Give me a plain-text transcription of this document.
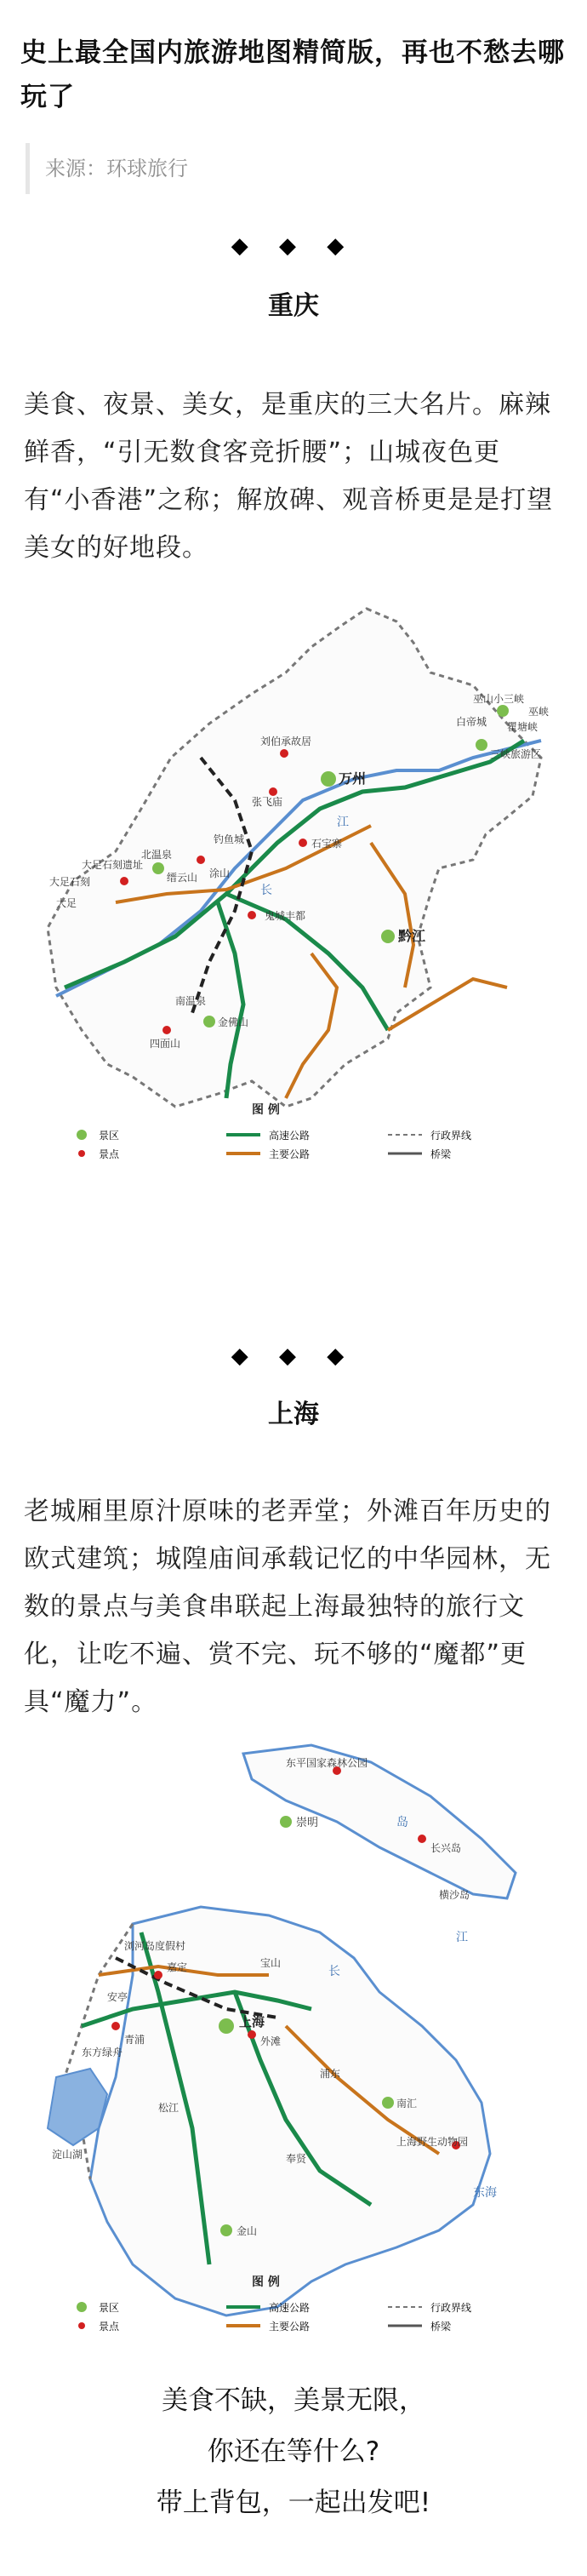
史上最全国内旅游地图精简版，再也不愁去哪玩了
来源：环球旅行
◆ ◆ ◆
重庆
美食、夜景、美女，是重庆的三大名片。麻辣鲜香，“引无数食客竞折腰”；山城夜色更有“小香港”之称；解放碑、观音桥更是是打望美女的好地段。
巫山小三峡
巫峡
白帝城 瞿塘峡
三峡旅游区
刘伯承故居
万州
张飞庙
江
大足石刻
大足石刻遗址
钓鱼城
缙云山
北温泉
涂山
鬼城丰都
石宝寨
黔江
长
大足
金佛山
南温泉
四面山
图 例
景区
景点
高速公路
主要公路
行政界线
桥梁
◆ ◆ ◆
上海
老城厢里原汁原味的老弄堂；外滩百年历史的欧式建筑；城隍庙间承载记忆的中华园林，无数的景点与美食串联起上海最独特的旅行文化，让吃不遍、赏不完、玩不够的“魔都”更具“魔力”。
东平国家森林公园
崇明	岛
长兴岛
横沙岛
长
江
浏河岛度假村
宝山
嘉定
安亭
青浦
松江
东方绿舟
淀山湖
上海
外滩
南汇
奉贤
浦东
上海野生动物园
东海
金山
图 例
景区
景点
高速公路
主要公路
行政界线
桥梁
美食不缺，美景无限，
你还在等什么?
带上背包，一起出发吧!
